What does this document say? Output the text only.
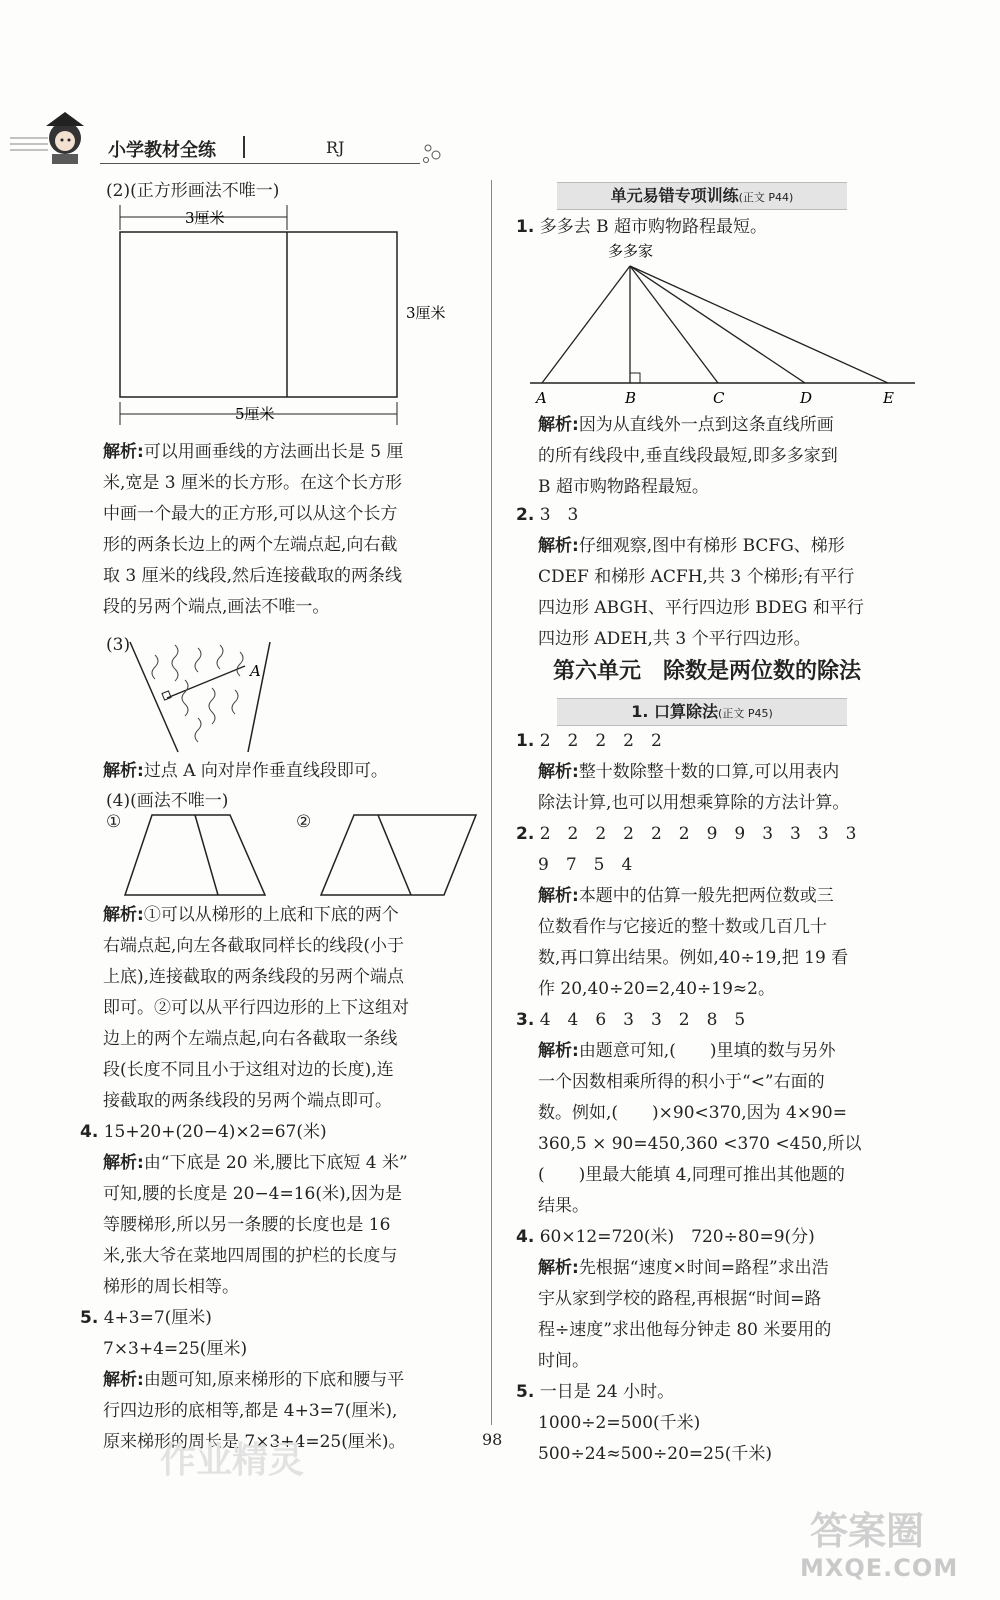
小学教材全练	RJ

(2)(正方形画法不唯一)

3厘米
3厘米
5厘米

解析:可以用画垂线的方法画出长是 5 厘

米,宽是 3 厘米的长方形。在这个长方形

中画一个最大的正方形,可以从这个长方

形的两条长边上的两个左端点起,向右截

取 3 厘米的线段,然后连接截取的两条线

段的另两个端点,画法不唯一。

(3)

A

解析:过点 A 向对岸作垂直线段即可。

(4)(画法不唯一)

①	②

解析:①可以从梯形的上底和下底的两个

右端点起,向左各截取同样长的线段(小于

上底),连接截取的两条线段的另两个端点

即可。②可以从平行四边形的上下这组对

边上的两个左端点起,向右各截取一条线

段(长度不同且小于这组对边的长度),连

接截取的两条线段的另两个端点即可。

4. 15+20+(20−4)×2=67(米)

解析:由“下底是 20 米,腰比下底短 4 米”

可知,腰的长度是 20−4=16(米),因为是

等腰梯形,所以另一条腰的长度也是 16

米,张大爷在菜地四周围的护栏的长度与

梯形的周长相等。

5. 4+3=7(厘米)

7×3+4=25(厘米)

解析:由题可知,原来梯形的下底和腰与平

行四边形的底相等,都是 4+3=7(厘米),

原来梯形的周长是 7×3+4=25(厘米)。

单元易错专项训练(正文 P44)

1. 多多去 B 超市购物路程最短。

多多家
A	B	C	D	E

解析:因为从直线外一点到这条直线所画

的所有线段中,垂直线段最短,即多多家到

B 超市购物路程最短。

2. 3　3

解析:仔细观察,图中有梯形 BCFG、梯形

CDEF 和梯形 ACFH,共 3 个梯形;有平行

四边形 ABGH、平行四边形 BDEG 和平行

四边形 ADEH,共 3 个平行四边形。

第六单元　除数是两位数的除法
1. 口算除法(正文 P45)

1. 2　2　2　2　2

解析:整十数除整十数的口算,可以用表内

除法计算,也可以用想乘算除的方法计算。

2. 2　2　2　2　2　2　9　9　3　3　3　3

9　7　5　4

解析:本题中的估算一般先把两位数或三

位数看作与它接近的整十数或几百几十

数,再口算出结果。例如,40÷19,把 19 看

作 20,40÷20=2,40÷19≈2。

3. 4　4　6　3　3　2　8　5

解析:由题意可知,(　　)里填的数与另外

一个因数相乘所得的积小于“<”右面的

数。例如,(　　)×90<370,因为 4×90=

360,5 × 90=450,360 <370 <450,所以

(　　)里最大能填 4,同理可推出其他题的

结果。

4. 60×12=720(米)　720÷80=9(分)

解析:先根据“速度×时间=路程”求出浩

宇从家到学校的路程,再根据“时间=路

程÷速度”求出他每分钟走 80 米要用的

时间。

5. 一日是 24 小时。

1000÷2=500(千米)

500÷24≈500÷20=25(千米)

98
作业精灵
答案圈
MXQE.COM
